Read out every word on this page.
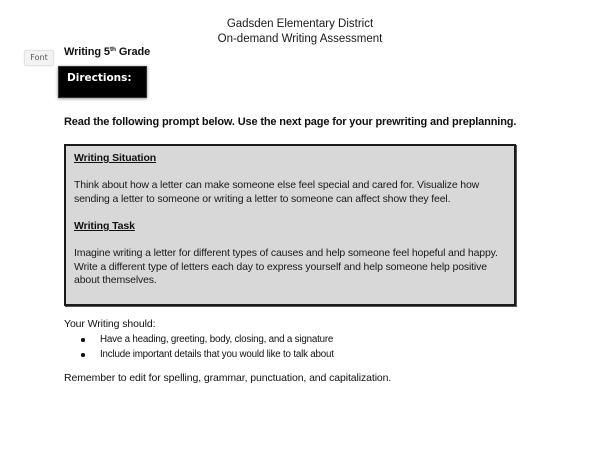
Gadsden Elementary District
On-demand Writing Assessment
Font	Writing 5th Grade
Directions:
Read the following prompt below. Use the next page for your prewriting and preplanning.
Writing Situation
Think about how a letter can make someone else feel special and cared for. Visualize how sending a letter to someone or writing a letter to someone can affect show they feel.
Writing Task
Imagine writing a letter for different types of causes and help someone feel hopeful and happy. Write a different type of letters each day to express yourself and help someone help positive about themselves.
Your Writing should:
Have a heading, greeting, body, closing, and a signature
Include important details that you would like to talk about
Remember to edit for spelling, grammar, punctuation, and capitalization.
